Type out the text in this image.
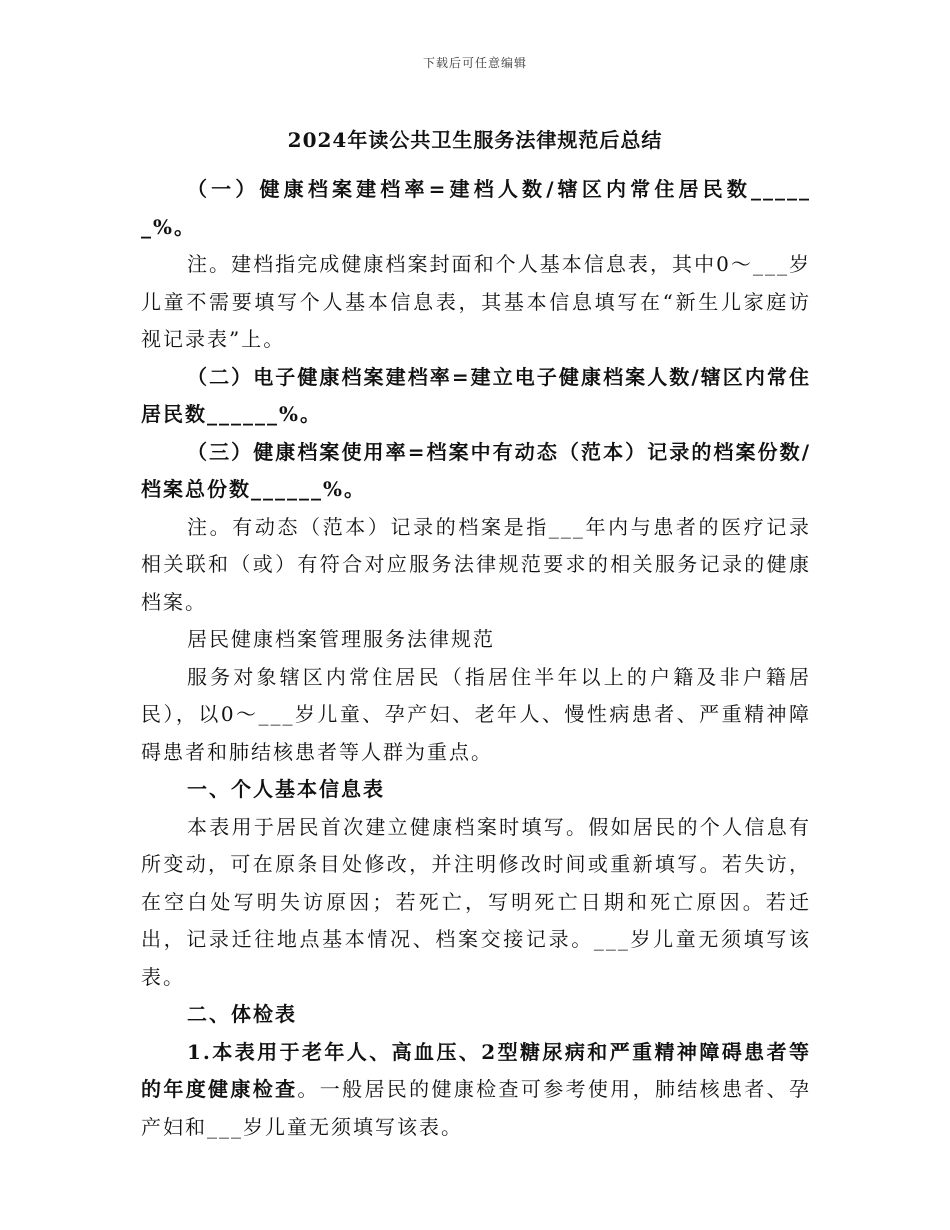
下载后可任意编辑
2024年读公共卫生服务法律规范后总结

（一）健康档案建档率=建档人数/辖区内常住居民数______%。

注。建档指完成健康档案封面和个人基本信息表，其中0～___岁儿童不需要填写个人基本信息表，其基本信息填写在“新生儿家庭访视记录表”上。

（二）电子健康档案建档率=建立电子健康档案人数/辖区内常住居民数______%。

（三）健康档案使用率=档案中有动态（范本）记录的档案份数/档案总份数______%。

注。有动态（范本）记录的档案是指___年内与患者的医疗记录相关联和（或）有符合对应服务法律规范要求的相关服务记录的健康档案。

居民健康档案管理服务法律规范

服务对象辖区内常住居民（指居住半年以上的户籍及非户籍居民），以0～___岁儿童、孕产妇、老年人、慢性病患者、严重精神障碍患者和肺结核患者等人群为重点。

一、个人基本信息表

本表用于居民首次建立健康档案时填写。假如居民的个人信息有所变动，可在原条目处修改，并注明修改时间或重新填写。若失访，在空白处写明失访原因；若死亡，写明死亡日期和死亡原因。若迁出，记录迁往地点基本情况、档案交接记录。___岁儿童无须填写该表。

二、体检表

1.本表用于老年人、高血压、2型糖尿病和严重精神障碍患者等的年度健康检查。一般居民的健康检查可参考使用，肺结核患者、孕产妇和___岁儿童无须填写该表。
